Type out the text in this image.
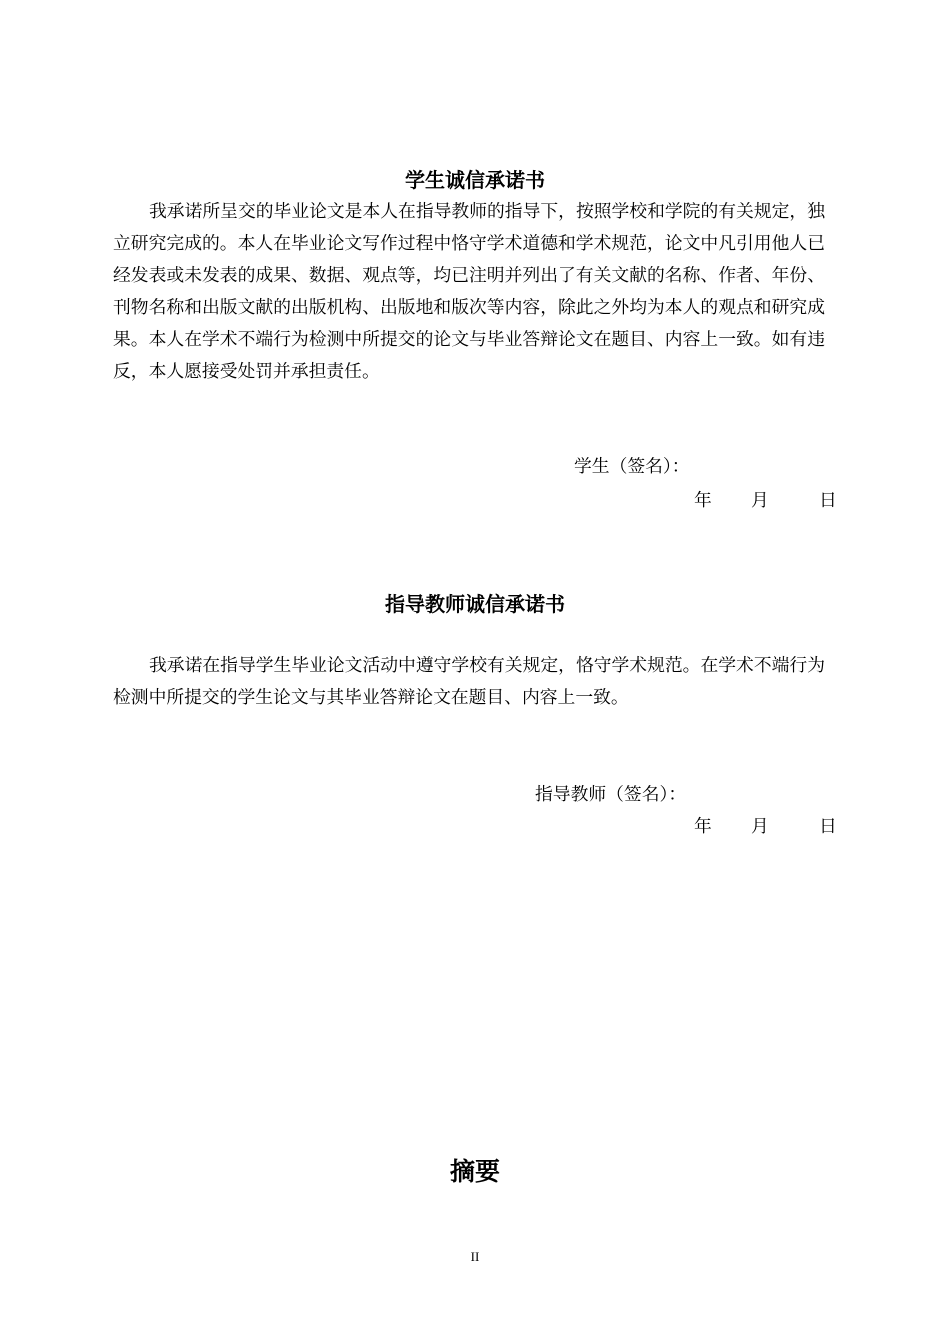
学生诚信承诺书

我承诺所呈交的毕业论文是本人在指导教师的指导下，按照学校和学院的有关规定，独立研究完成的。本人在毕业论文写作过程中恪守学术道德和学术规范，论文中凡引用他人已经发表或未发表的成果、数据、观点等，均已注明并列出了有关文献的名称、作者、年份、刊物名称和出版文献的出版机构、出版地和版次等内容，除此之外均为本人的观点和研究成果。本人在学术不端行为检测中所提交的论文与毕业答辩论文在题目、内容上一致。如有违反，本人愿接受处罚并承担责任。

学生（签名）：
年 月	日
指导教师诚信承诺书

我承诺在指导学生毕业论文活动中遵守学校有关规定，恪守学术规范。在学术不端行为检测中所提交的学生论文与其毕业答辩论文在题目、内容上一致。

指导教师（签名）：
年 月	日
摘要
II
